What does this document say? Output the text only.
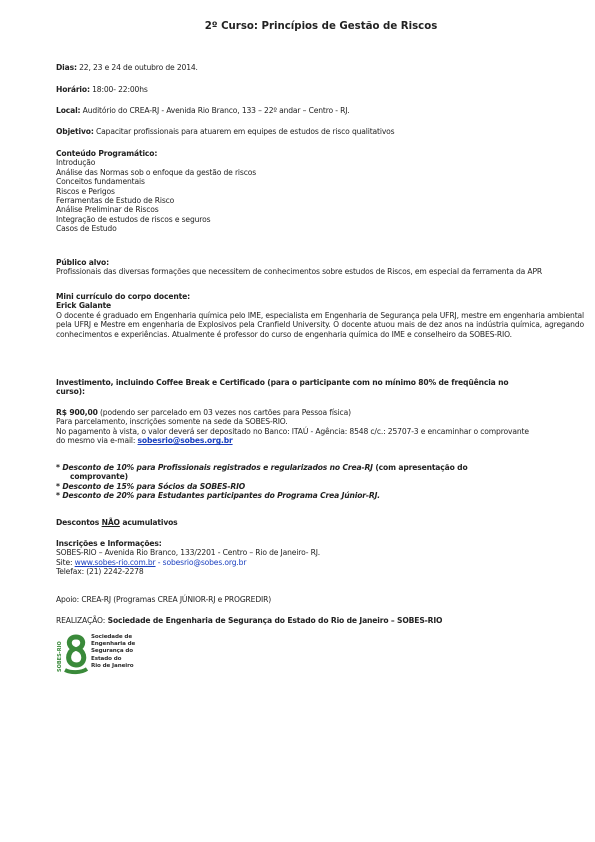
2º Curso: Princípios de Gestão de Riscos
Dias: 22, 23 e 24 de outubro de 2014.
Horário: 18:00- 22:00hs
Local: Auditório do CREA-RJ - Avenida Rio Branco, 133 – 22º andar – Centro - RJ.
Objetivo: Capacitar profissionais para atuarem em equipes de estudos de risco qualitativos
Conteúdo Programático:
Introdução
Análise das Normas sob o enfoque da gestão de riscos
Conceitos fundamentais
Riscos e Perigos
Ferramentas de Estudo de Risco
Análise Preliminar de Riscos
Integração de estudos de riscos e seguros
Casos de Estudo
Público alvo:
Profissionais das diversas formações que necessitem de conhecimentos sobre estudos de Riscos, em especial da ferramenta da APR
Mini currículo do corpo docente:
Erick Galante
O docente é graduado em Engenharia química pelo IME, especialista em Engenharia de Segurança pela UFRJ, mestre em engenharia ambiental pela UFRJ e Mestre em engenharia de Explosivos pela Cranfield University. O docente atuou mais de dez anos na indústria química, agregando conhecimentos e experiências. Atualmente é professor do curso de engenharia química do IME e conselheiro da SOBES-RIO.
Investimento, incluindo Coffee Break e Certificado (para o participante com no mínimo 80% de freqüência no
curso):
R$ 900,00 (podendo ser parcelado em 03 vezes nos cartões para Pessoa física)
Para parcelamento, inscrições somente na sede da SOBES-RIO.
No pagamento à vista, o valor deverá ser depositado no Banco: ITAÚ - Agência: 8548 c/c.: 25707-3 e encaminhar o comprovante
do mesmo via e-mail: sobesrio@sobes.org.br
* Desconto de 10% para Profissionais registrados e regularizados no Crea-RJ (com apresentação do
comprovante)
* Desconto de 15% para Sócios da SOBES-RIO
* Desconto de 20% para Estudantes participantes do Programa Crea Júnior-RJ.
Descontos NÃO acumulativos
Inscrições e Informações:
SOBES-RIO – Avenida Rio Branco, 133/2201 - Centro – Rio de Janeiro- RJ.
Site: www.sobes-rio.com.br - sobesrio@sobes.org.br
Telefax: (21) 2242-2278
Apoio: CREA-RJ (Programas CREA JÚNIOR-RJ e PROGREDIR)
REALIZAÇÃO: Sociedade de Engenharia de Segurança do Estado do Rio de Janeiro – SOBES-RIO
SOBES-RIO
Sociedade de
Engenharia de
Segurança do
Estado do
Rio de Janeiro
